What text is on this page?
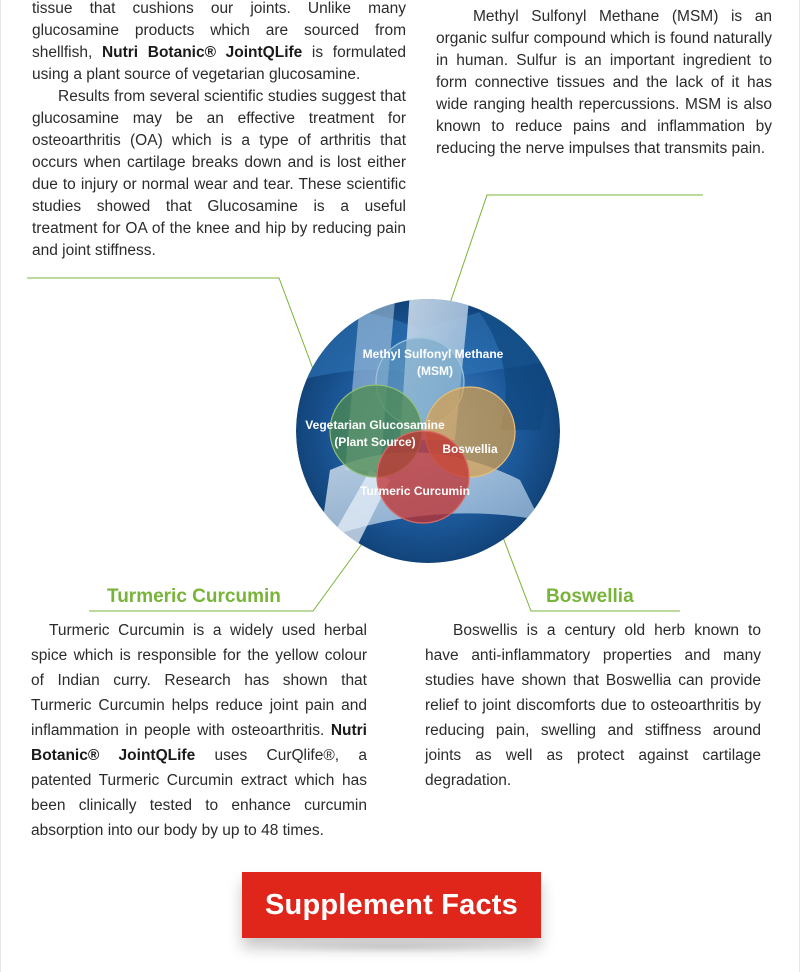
tissue that cushions our joints. Unlike many glucosamine products which are sourced from shellfish, Nutri Botanic® JointQLife is formulated using a plant source of vegetarian glucosamine.
Results from several scientific studies suggest that glucosamine may be an effective treatment for osteoarthritis (OA) which is a type of arthritis that occurs when cartilage breaks down and is lost either due to injury or normal wear and tear. These scientific studies showed that Glucosamine is a useful treatment for OA of the knee and hip by reducing pain and joint stiffness.
Methyl Sulfonyl Methane (MSM) is an organic sulfur compound which is found naturally in human. Sulfur is an important ingredient to form connective tissues and the lack of it has wide ranging health repercussions. MSM is also known to reduce pains and inflammation by reducing the nerve impulses that transmits pain.
Methyl Sulfonyl Methane
(MSM)
Vegetarian Glucosamine
(Plant Source) Boswellia
Turmeric Curcumin
Turmeric Curcumin	Boswellia
Turmeric Curcumin is a widely used herbal spice which is responsible for the yellow colour of Indian curry. Research has shown that Turmeric Curcumin helps reduce joint pain and inflammation in people with osteoarthritis. Nutri Botanic® JointQLife uses CurQlife®, a patented Turmeric Curcumin extract which has been clinically tested to enhance curcumin absorption into our body by up to 48 times.
Boswellis is a century old herb known to have anti-inflammatory properties and many studies have shown that Boswellia can provide relief to joint discomforts due to osteoarthritis by reducing pain, swelling and stiffness around joints as well as protect against cartilage degradation.
Supplement Facts
